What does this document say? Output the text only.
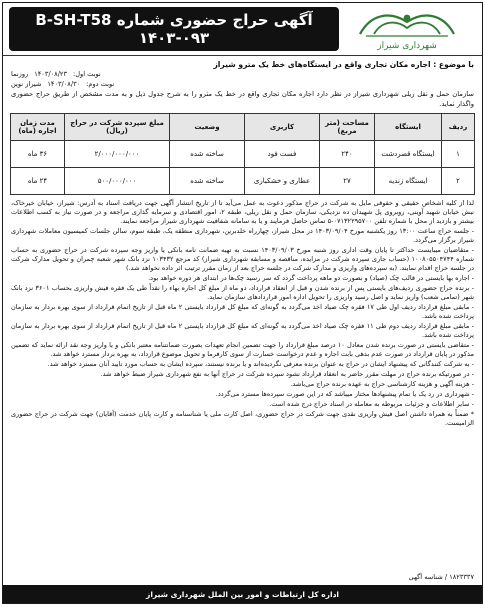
شهرداری شیراز
آگهی حراج حضوری شماره B-SH-T58
۱۴۰۳-۰۹۳
با موضوع : اجاره مکان تجاری واقع در ایستگاه‌های خط یک مترو شیراز
نوبت اول:
۱۴۰۳/۰۸/۲۳
روزنما
نوبت دوم:
۱۴۰۳/۰۸/۳۰
شیراز نوین
سازمان حمل و نقل ریلی شهرداری شیراز در نظر دارد اجاره مکان تجاری واقع در خط یک مترو را به شرح جدول ذیل و به مدت مشخص از طریق حراج حضوری واگذار نماید.
ردیف	ایستگاه	مساحت (متر مربع)	کاربری	وضعیت	مبلغ سپرده شرکت در حراج (ریال)	مدت زمان اجاره (ماه)
۱	ایستگاه قصردشت	۲۴۰	فست فود	ساخته شده	۲/۰۰۰/۰۰۰/۰۰۰	۳۶ ماه
۲	ایستگاه زندیه	۲۷	عطاری و خشکباری	ساخته شده	۵۰۰/۰۰۰/۰۰۰	۲۴ ماه

لذا از کلیه اشخاص حقیقی و حقوقی مایل به شرکت در حراج مذکور دعوت به عمل می‌آید تا از تاریخ انتشار آگهی جهت دریافت اسناد به آدرس: شیراز، خیابان خیرخاک، نبش خیابان شهید آوینی، روبروی پل شهیدان ده نزدیکی، سازمان حمل و نقل ریلی، طبقه ۲، امور اقتصادی و سرمایه گذاری مراجعه و در صورت نیاز به کسب اطلاعات بیشتر و بازدید از محل با شماره تلفن ۰۷۱۳۲۲۹۵۷۰۰-۵ تماس حاصل فرمایند و یا به سامانه شفافیت شهرداری شیراز مراجعه نمایند.

- جلسه حراج ساعت ۱۳:۰۰ روز یکشنبه مورخ ۱۴۰۳/۰۹/۰۴ در محل شیراز، چهارراه خلدبرین، شهرداری منطقه یک، طبقه سوم، سالن جلسات کمیسیون معاملات شهرداری شیراز برگزار می‌گردد.

- متقاضیان میبایست حداکثر تا پایان وقت اداری روز شنبه مورخ ۱۴۰۳/۰۹/۰۳ نسبت به تهیه ضمانت نامه بانکی یا واریز وجه سپرده شرکت در حراج حضوری به حساب شماره ۱۰۰۸۰۵۵۰۴۷۴۴ (حساب جاری سپرده شرکت در مزایده، مناقصه و مسابقه شهرداری شیراز) کد مرجع ۱۰۳۴۳۲ نزد بانک شهر شعبه چمران و تحویل مدارک شرکت در جلسه حراج اقدام نمایند. (به سپرده‌های واریزی و مدارک شرکت در جلسه حراج بعد از زمان مقرر ترتیب اثر داده نخواهد شد.)

- اجاره بها بایستی در قالب چک (صیاد) و بصورت دو ماهه پرداخت گردد که سر رسید چک‌ها در ابتدای هر دوره خواهد بود.

- برنده حراج حضوری ردیف‌های بایستی پس از برنده شدن و قبل از انعقاد قرارداد، دو ماه از مبلغ کل اجاره بهاء را نقداً طی یک فقره فیش واریزی بحساب ۳۶۰۱ نزد بانک شهر (تمامی شعب) واریز نماید و اصل رسید واریزی را تحویل اداره امور قراردادهای سازمان نماید.

- مابقی مبلغ قرارداد ردیف اول طی ۱۷ فقره چک صیاد اخذ می‌گردد به گونه‌ای که مبلغ کل قرارداد بایستی ۲ ماه قبل از تاریخ اتمام قرارداد از سوی بهره بردار به سازمان پرداخت شده باشد.

- مابقی مبلغ قرارداد ردیف دوم طی ۱۱ فقره چک صیاد اخذ می‌گردد به گونه‌ای که مبلغ کل قرارداد بایستی ۲ ماه قبل از تاریخ اتمام قرارداد از سوی بهره بردار به سازمان پرداخت شده باشد.

- متقاضی بایستی در صورت برنده شدن معادل ۱۰ درصد مبلغ قرارداد را جهت تضمین انجام تعهدات بصورت ضمانتنامه معتبر بانکی و یا واریز وجه نقد ارائه نماید که تضمین مذکور در پایان قرارداد در صورت عدم بدهی بابت اجاره و عدم درخواست خسارت از سوی کارفرما و تحویل موضوع قرارداد، به بهره بردار مسترد خواهد شد.

- به شرکت کنندگانی که پیشنهاد ایشان در حراج به عنوان برنده معرفی نگردیده‌اند و یا برنده نیستند، سپرده ایشان به حساب مورد تایید آنان مسترد خواهد شد.

- در صورتیکه برنده حراج در مهلت مقرر حاضر به انعقاد قرارداد نشود سپرده شرکت در حراج آنها به نفع شهرداری شیراز ضبط خواهد شد.

- هزینه آگهی و هزینه کارشناسی حراج به عهده برنده حراج می‌باشد.

- شهرداری در رد یک یا تمام پیشنهادها مختار میباشد که در این صورت سپرده‌ها مسترد می‌گردد.

- سایر اطلاعات و جزئیات مربوطه به معامله در اسناد حراج درج شده است.

* ضمناً به همراه داشتن اصل فیش واریزی نقدی جهت شرکت در حراج حضوری، اصل کارت ملی یا شناسنامه و کارت پایان خدمت (آقایان) جهت شرکت در حراج حضوری الزامیست.

۱۸۲۳۳۳۷ / شناسه آگهی
اداره کل ارتباطات و امور بین الملل شهرداری شیراز
